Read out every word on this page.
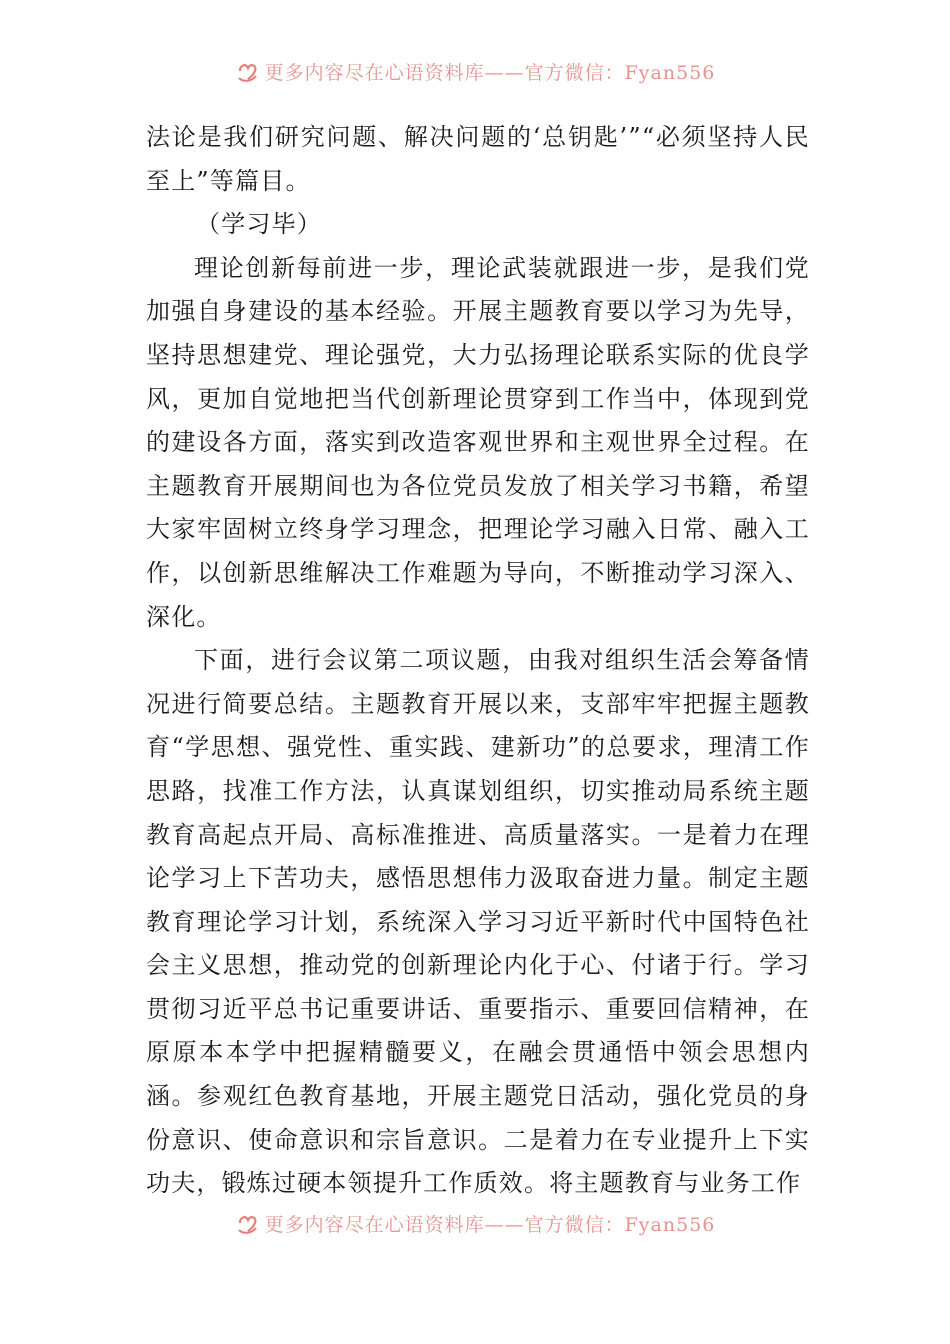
更多内容尽在心语资料库——官方微信：Fyan556

法论是我们研究问题、解决问题的‘总钥匙’”“必须坚持人民至上”等篇目。

（学习毕）

理论创新每前进一步，理论武装就跟进一步，是我们党加强自身建设的基本经验。开展主题教育要以学习为先导，坚持思想建党、理论强党，大力弘扬理论联系实际的优良学风，更加自觉地把当代创新理论贯穿到工作当中，体现到党的建设各方面，落实到改造客观世界和主观世界全过程。在主题教育开展期间也为各位党员发放了相关学习书籍，希望大家牢固树立终身学习理念，把理论学习融入日常、融入工作，以创新思维解决工作难题为导向，不断推动学习深入、深化。

下面，进行会议第二项议题，由我对组织生活会筹备情况进行简要总结。主题教育开展以来，支部牢牢把握主题教育“学思想、强党性、重实践、建新功”的总要求，理清工作思路，找准工作方法，认真谋划组织，切实推动局系统主题教育高起点开局、高标准推进、高质量落实。一是着力在理论学习上下苦功夫，感悟思想伟力汲取奋进力量。制定主题教育理论学习计划，系统深入学习习近平新时代中国特色社会主义思想，推动党的创新理论内化于心、付诸于行。学习贯彻习近平总书记重要讲话、重要指示、重要回信精神，在原原本本学中把握精髓要义，在融会贯通悟中领会思想内涵。参观红色教育基地，开展主题党日活动，强化党员的身份意识、使命意识和宗旨意识。二是着力在专业提升上下实功夫，锻炼过硬本领提升工作质效。将主题教育与业务工作

更多内容尽在心语资料库——官方微信：Fyan556
